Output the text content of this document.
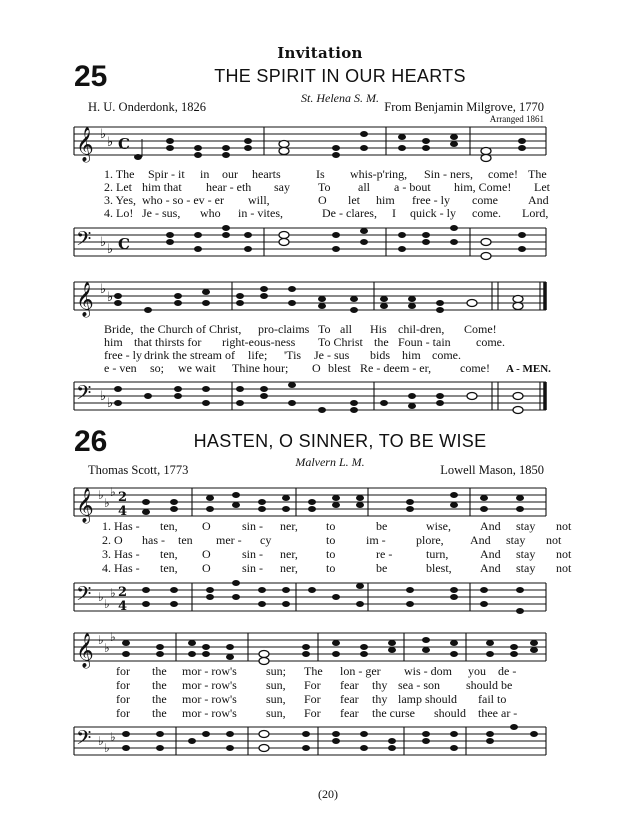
Invitation
25	THE SPIRIT IN OUR HEARTS
St. Helena S. M.
H. U. Onderdonk, 1826	From Benjamin Milgrove, 1770
Arranged 1861
𝄞 ♭
♭ C
1. The Spir - it in our hearts	Is whis-p'ring, Sin - ners, come! The
2. Let him that hear - eth say To all a - bout him, Come! Let
3. Yes, who - so - ev - er will,	O let him free - ly come	And
4. Lo! Je - sus, who in - vites,	De - clares, I quick - ly come. Lord,
𝄢 ♭ ♭ C
𝄞 ♭
♭
Bride, the Church of Christ, pro-claims To all His chil-dren, Come!
him that thirsts for right-eous-ness To Christ the Foun - tain come.
free - ly drink the stream of life; 'Tis Je - sus bids him come.
e - ven so; we wait Thine hour; O blest Re - deem - er, come! A - MEN.
𝄢 ♭ ♭
26	HASTEN, O SINNER, TO BE WISE
Malvern L. M.
Thomas Scott, 1773	Lowell Mason, 1850
𝄞 ♭
♭
♭ 2
4
1. Has - ten, O	sin - ner, to	be	wise, And stay not
2. O has - ten mer - cy	to	im -	plore, And stay not
3. Has - ten, O	sin - ner, to	re -	turn,	And stay not
4. Has - ten, O	sin - ner, to	be	blest, And stay not
𝄢 ♭ ♭
♭ 2
4
𝄞 ♭
♭
♭
for the mor - row's sun; The lon - ger wis - dom you de -
for the mor - row's sun, For fear thy sea - son should be
for the mor - row's sun, For fear thy lamp should fail to
for the mor - row's sun, For fear the curse should thee ar -
𝄢 ♭ ♭
♭
(20)
